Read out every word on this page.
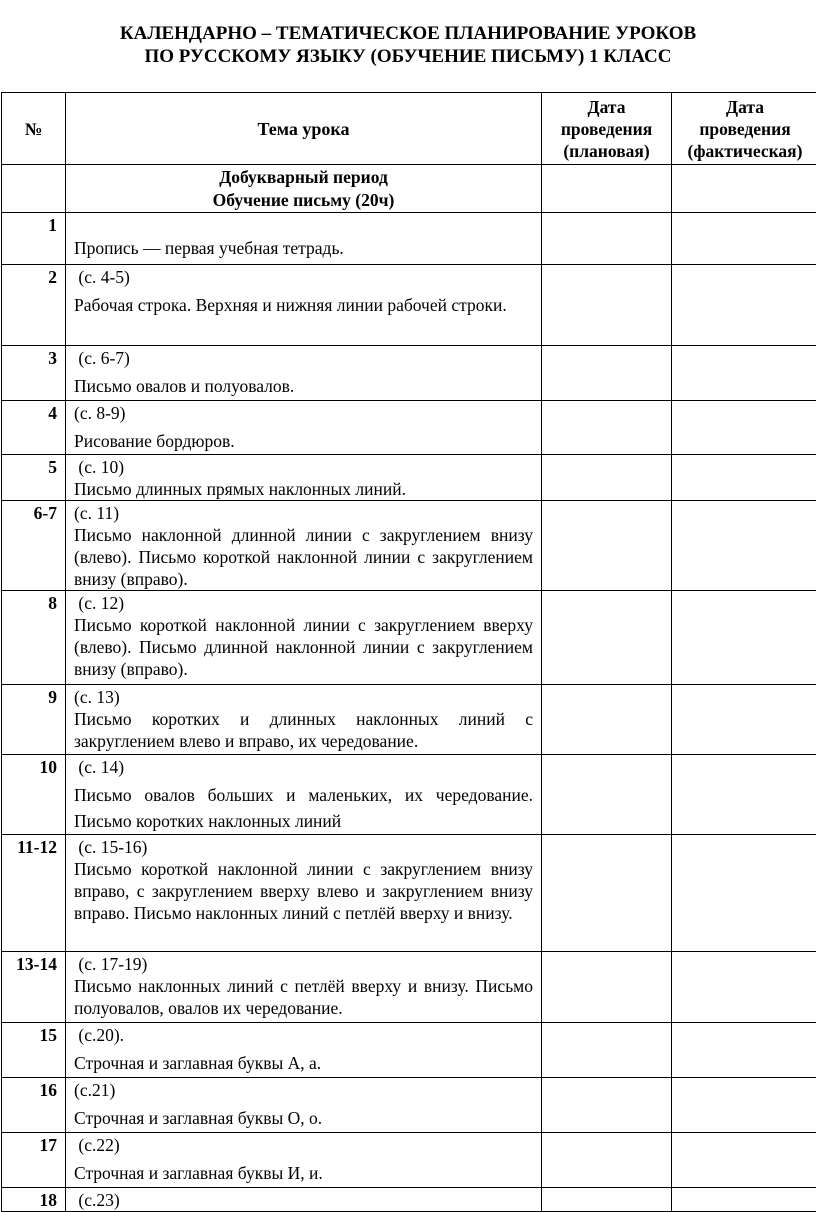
КАЛЕНДАРНО – ТЕМАТИЧЕСКОЕ ПЛАНИРОВАНИЕ УРОКОВ
ПО РУССКОМУ ЯЗЫКУ (ОБУЧЕНИЕ ПИСЬМУ) 1 КЛАСС
№	Тема урока	Дата
проведения
(плановая)	Дата
проведения
(фактическая)
	Добукварный период
Обучение письму (20ч)		
1	Пропись — первая учебная тетрадь.		

2	(с. 4-5)
Рабочая строка. Верхняя и нижняя линии рабочей строки.		

3	(с. 6-7)
Письмо овалов и полуовалов.		

4	(с. 8-9)
Рисование бордюров.		

5	(с. 10)
Письмо длинных прямых наклонных линий.		

6-7	(с. 11)
Письмо наклонной длинной линии с закруглением внизу (влево). Письмо короткой наклонной линии с закруглением внизу (вправо).		

8	(с. 12)
Письмо короткой наклонной линии с закруглением вверху (влево). Письмо длинной наклонной линии с закруглением внизу (вправо).		

9	(с. 13)
Письмо коротких и длинных наклонных линий с закруглением влево и вправо, их чередование.		

10	(с. 14)
Письмо овалов больших и маленьких, их чередование. Письмо коротких наклонных линий		

11-12	(с. 15-16)
Письмо короткой наклонной линии с закруглением внизу вправо, с закруглением вверху влево и закруглением внизу вправо. Письмо наклонных линий с петлёй вверху и внизу.		

13-14	(с. 17-19)
Письмо наклонных линий с петлёй вверху и внизу. Письмо полуовалов, овалов их чередование.		

15	(с.20).
Строчная и заглавная буквы А, а.		

16	(с.21)
Строчная и заглавная буквы О, о.		

17	(с.22)
Строчная и заглавная буквы И, и.		

18	(с.23)		
